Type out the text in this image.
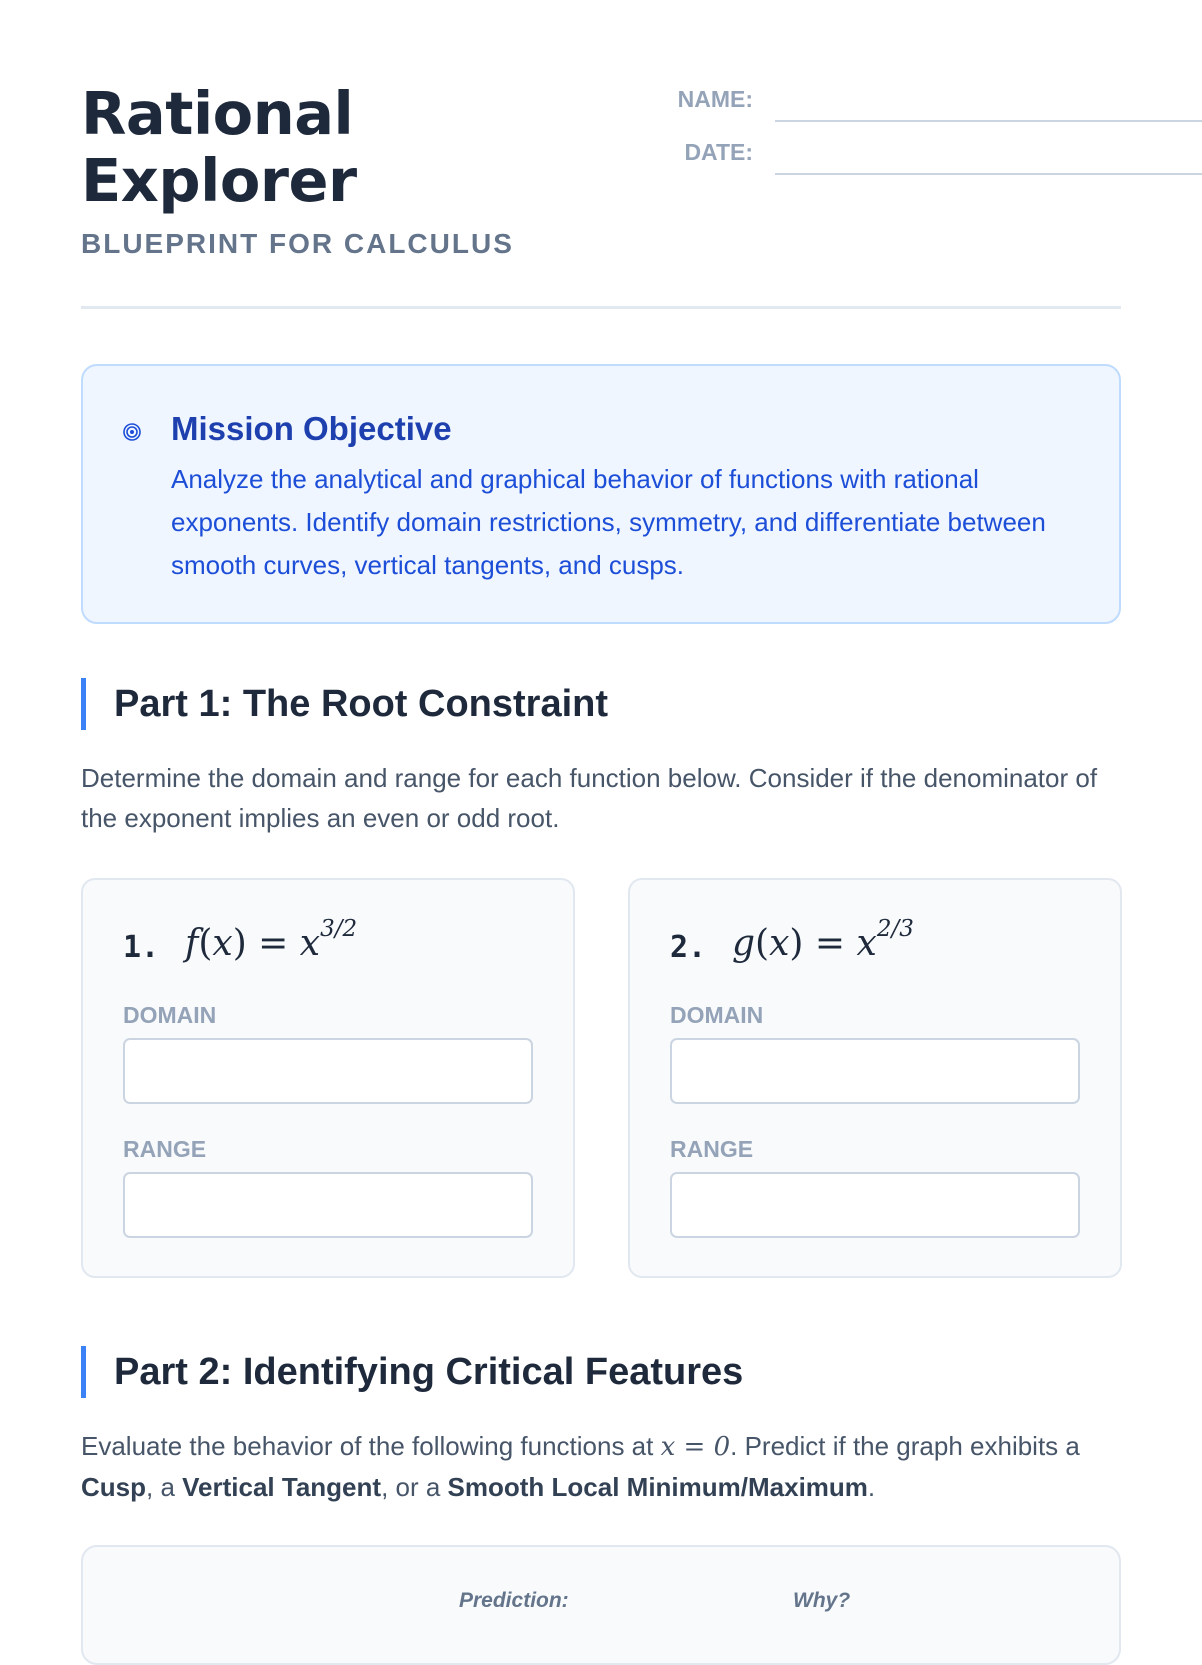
Rational
Explorer
BLUEPRINT FOR CALCULUS
NAME:
DATE:
Mission Objective
Analyze the analytical and graphical behavior of functions with rational exponents. Identify domain restrictions, symmetry, and differentiate between smooth curves, vertical tangents, and cusps.
Part 1: The Root Constraint
Determine the domain and range for each function below. Consider if the denominator of the exponent implies an even or odd root.
1. $f(x) = x^{3/2}$
DOMAIN
RANGE
2. $g(x) = x^{2/3}$
DOMAIN
RANGE
Part 2: Identifying Critical Features
Evaluate the behavior of the following functions at x = 0. Predict if the graph exhibits a Cusp, a Vertical Tangent, or a Smooth Local Minimum/Maximum.
Prediction:	Why?
